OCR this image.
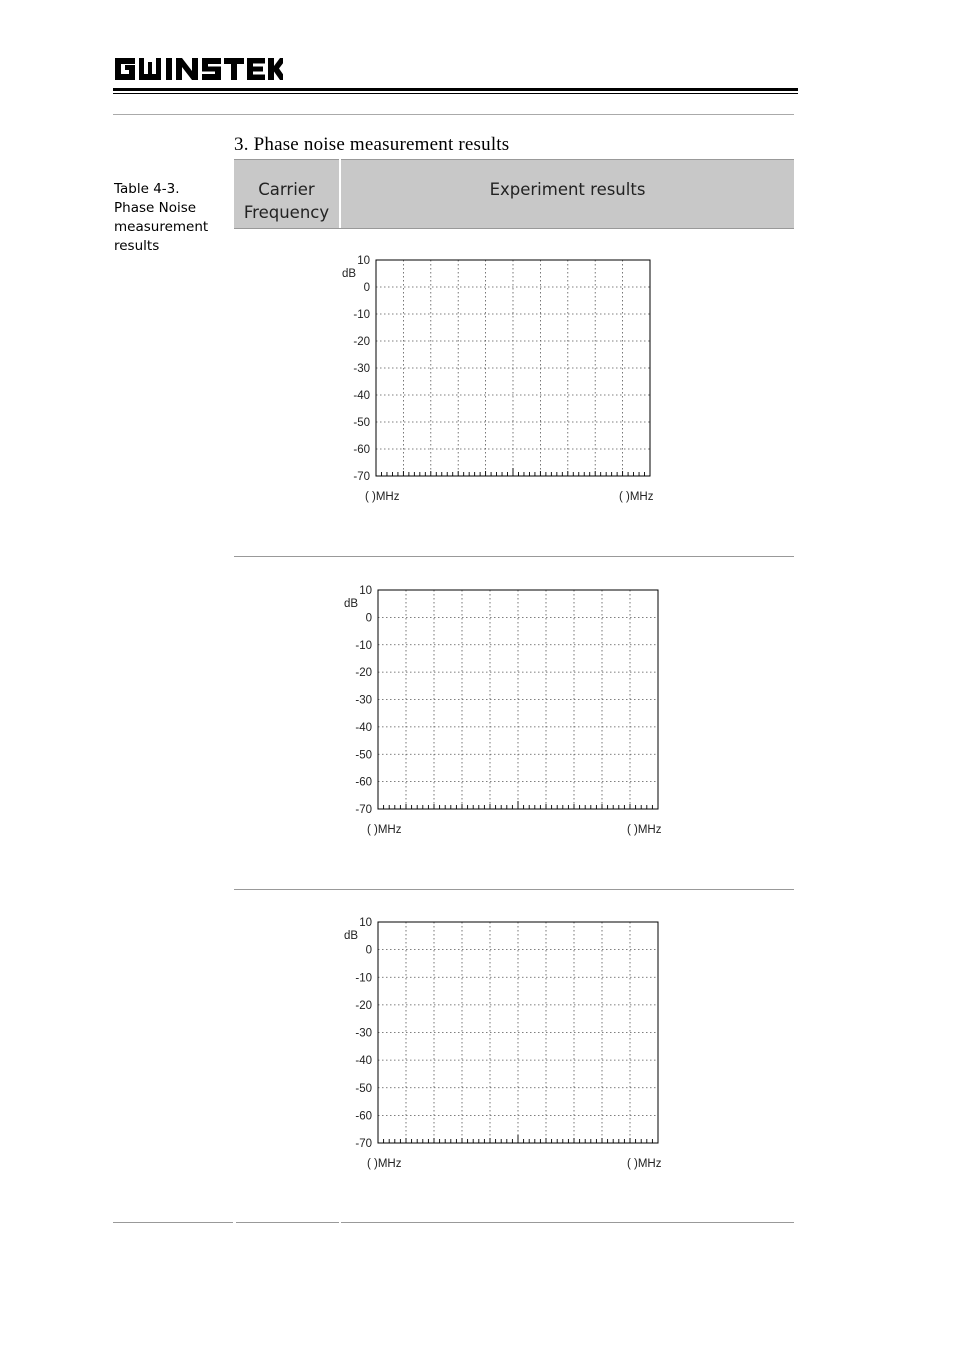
3. Phase noise measurement results
Table 4-3.
Phase Noise
measurement
results
Carrier
Frequency
Experiment results
10
0
-10
-20
-30
-40
-50
-60
-70
dB
( )MHz	( )MHz
10
0
-10
-20
-30
-40
-50
-60
-70
dB
( )MHz	( )MHz
10
0
-10
-20
-30
-40
-50
-60
-70
dB
( )MHz	( )MHz
